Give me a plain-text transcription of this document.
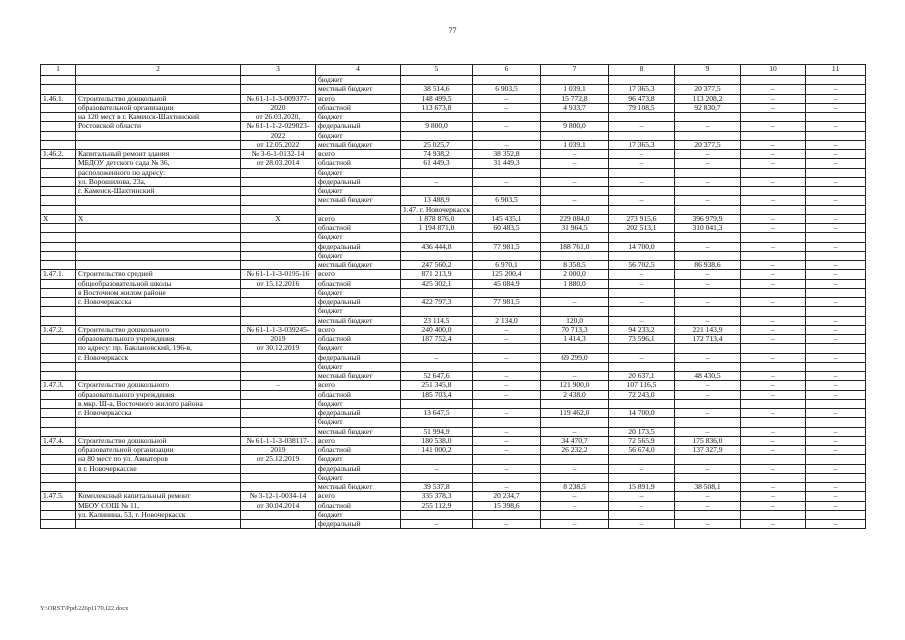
77
1	2	3	4	5	6	7	8	9	10	11
			бюджет							
			местный бюджет	38 514,6	6 903,5	1 039,1	17 365,3	20 377,5	–	–
1.46.1.	Строительство дошкольной	№ 61-1-1-3-009377-	всего	148 499,5	–	15 772,8	96 473,8	113 208,2	–	–
	образовательной организации	2020	областной	113 673,8	–	4 933,7	79 108,5	92 830,7	–	–
	на 120 мест в г. Каменск-Шахтинский	от 26.03.2020,	бюджет							
	Ростовской области	№ 61-1-1-2-029023-	федеральный	9 800,0	–	9 800,0	–	–	–	–
		2022	бюджет							
		от 12.05.2022	местный бюджет	25 025,7	–	1 039,1	17 365,3	20 377,5	–	–
1.46.2.	Капитальный ремонт здания	№ 3-6-1-0132-14	всего	74 938,2	38 352,8	–	–	–	–	–
	МБДОУ детского сада № 36,	от 28.03.2014	областной	61 449,3	31 449,3	–	–	–	–	–
	расположенного по адресу:		бюджет							
	ул. Ворошилова, 23а,		федеральный	–	–	–	–	–	–	–
	г. Каменск-Шахтинский		бюджет							
			местный бюджет	13 488,9	6 903,5	–	–	–	–	–
				1.47. г. Новочеркасск						
Х	Х	Х	всего	1 878 876,0	145 435,1	229 084,0	273 915,6	396 979,9	–	–
			областной	1 194 871,0	60 483,5	31 964,5	202 513,1	310 041,3	–	–
			бюджет							
			федеральный	436 444,8	77 981,5	188 761,0	14 700,0	–	–	–
			бюджет							
			местный бюджет	247 560,2	6 970,1	8 358,5	56 702,5	86 938,6	–	–
1.47.1.	Строительство средней	№ 61-1-1-3-0195-16	всего	871 213,9	125 200,4	2 000,0	–	–	–	–
	общеобразовательной школы	от 15.12.2016	областной	425 302,1	45 084,9	1 880,0	–	–	–	–
	в Восточном жилом районе		бюджет							
	г. Новочеркасска		федеральный	422 797,3	77 981,5	–	–	–	–	–
			бюджет							
			местный бюджет	23 114,5	2 134,0	120,0	–	–	–	–
1.47.2.	Строительство дошкольного	№ 61-1-1-3-039245-	всего	240 400,0	–	70 713,3	94 233,2	221 143,9	–	–
	образовательного учреждения	2019	областной	187 752,4	–	1 414,3	73 596,1	172 713,4	–	–
	по адресу: пр. Баклановский, 196-в,	от 30.12.2019	бюджет							
	г. Новочеркасск		федеральный	–	–	69 299,0	–	–	–	–
			бюджет							
			местный бюджет	52 647,6	–	–	20 637,1	48 430,5	–	–
1.47.3.	Строительство дошкольного	–	всего	251 345,8	–	121 900,0	107 116,5	–	–	–
	образовательного учреждения		областной	185 703,4	–	2 438,0	72 243,0	–	–	–
	в мкр. Ш-а, Восточного жилого района		бюджет							
	г. Новочеркасска		федеральный	13 647,5	–	119 462,0	14 700,0	–	–	–
			бюджет							
			местный бюджет	51 994,9	–	–	20 173,5	–	–	–
1.47.4.	Строительство дошкольной	№ 61-1-1-3-038117-	всего	180 538,0	–	34 470,7	72 565,9	175 836,0	–	–
	образовательной организации	2019	областной	141 000,2	–	26 232,2	56 674,0	137 327,9	–	–
	на 80 мест по ул. Авиаторов	от 25.12.2019	бюджет							
	в г. Новочеркасске		федеральный	–	–	–	–	–	–	–
			бюджет							
			местный бюджет	39 537,8	–	8 238,5	15 891,9	38 508,1	–	–
1.47.5.	Комплексный капитальный ремонт	№ 3-12-1-0034-14	всего	335 378,3	20 234,7	–	–	–	–	–
	МБОУ СОШ № 11,	от 30.04.2014	областной	255 112,9	15 398,6	–	–	–	–	–
	ул. Калинина, 53, г. Новочеркасск		бюджет							
			федеральный	–	–	–	–	–	–	–
Y:\ORST\Ppd\226p1170.f22.docx
